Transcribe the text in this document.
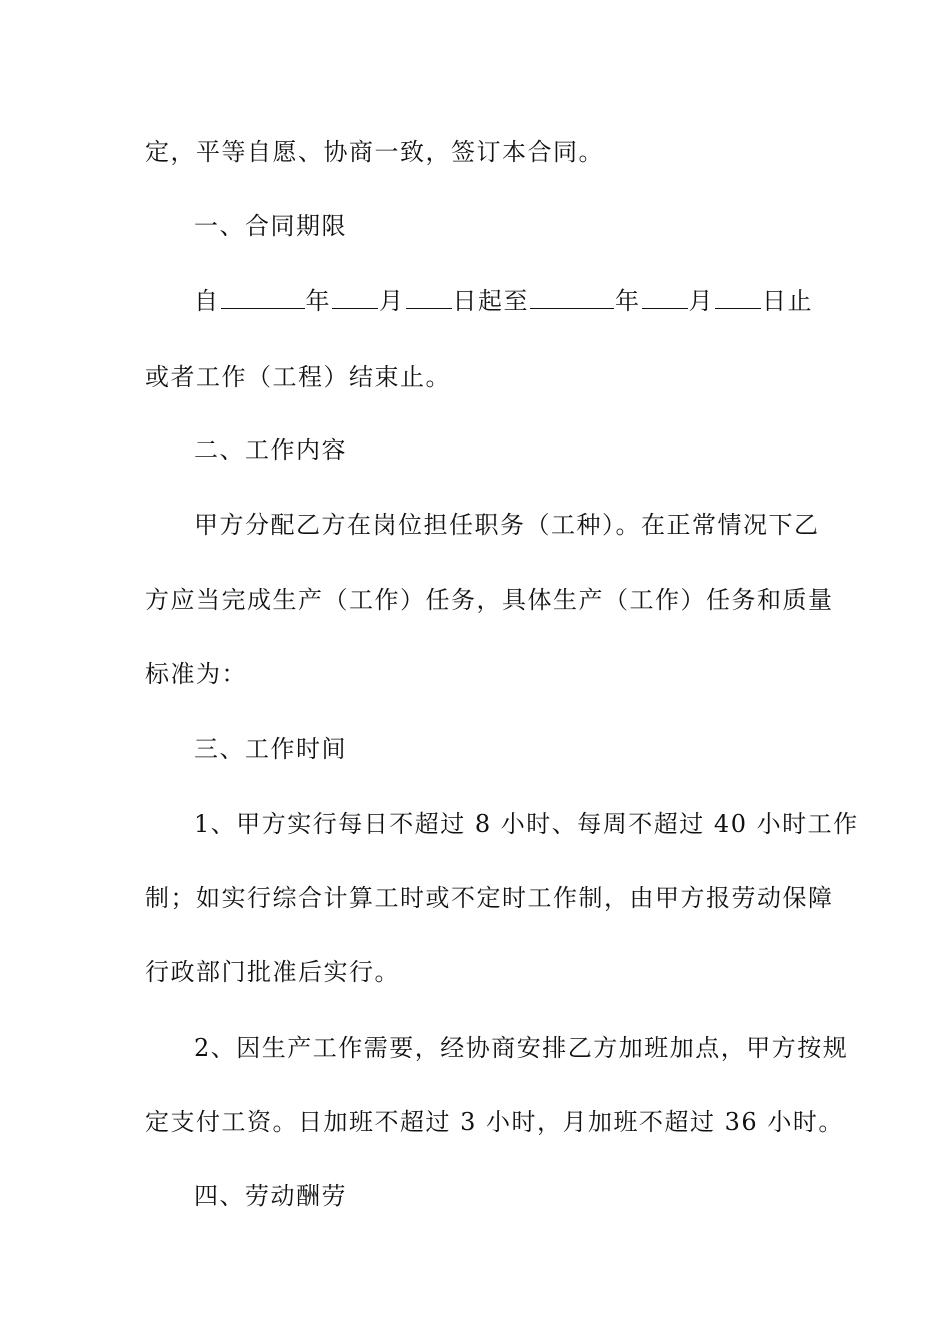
定，平等自愿、协商一致，签订本合同。
一、合同期限
自	年 月 日起至	年 月 日止
或者工作（工程）结束止。
二、工作内容
甲方分配乙方在岗位担任职务（工种）。在正常情况下乙
方应当完成生产（工作）任务，具体生产（工作）任务和质量
标准为：
三、工作时间
1、甲方实行每日不超过 8 小时、每周不超过 40 小时工作
制；如实行综合计算工时或不定时工作制，由甲方报劳动保障
行政部门批准后实行。
2、因生产工作需要，经协商安排乙方加班加点，甲方按规
定支付工资。日加班不超过 3 小时，月加班不超过 36 小时。
四、劳动酬劳
